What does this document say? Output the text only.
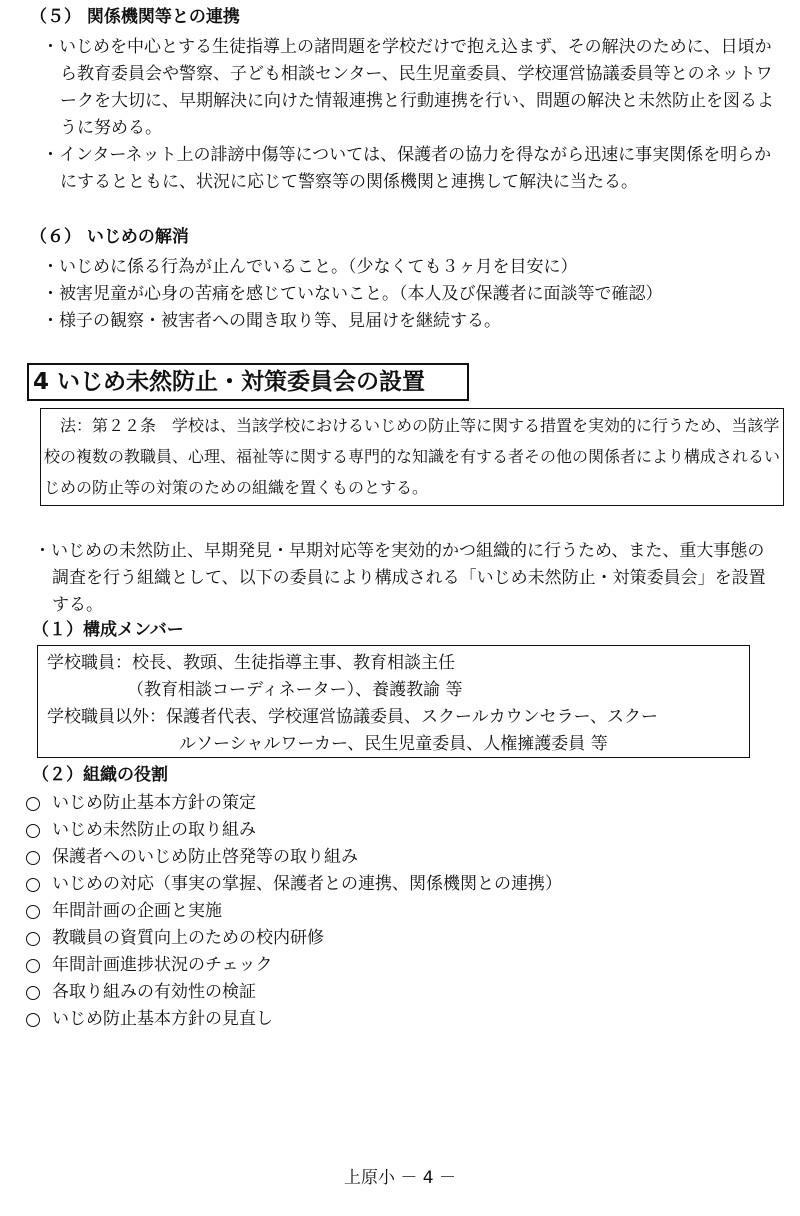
（５） 関係機関等との連携
・いじめを中心とする生徒指導上の諸問題を学校だけで抱え込まず、その解決のために、日頃から教育委員会や警察、子ども相談センター、民生児童委員、学校運営協議委員等とのネットワークを大切に、早期解決に向けた情報連携と行動連携を行い、問題の解決と未然防止を図るように努める。
・インターネット上の誹謗中傷等については、保護者の協力を得ながら迅速に事実関係を明らかにするとともに、状況に応じて警察等の関係機関と連携して解決に当たる。
（６） いじめの解消
・いじめに係る行為が止んでいること。（少なくても３ヶ月を目安に）
・被害児童が心身の苦痛を感じていないこと。（本人及び保護者に面談等で確認）
・様子の観察・被害者への聞き取り等、見届けを継続する。
4 いじめ未然防止・対策委員会の設置
　法：第２２条　学校は、当該学校におけるいじめの防止等に関する措置を実効的に行うため、当該学校の複数の教職員、心理、福祉等に関する専門的な知識を有する者その他の関係者により構成されるいじめの防止等の対策のための組織を置くものとする。
・いじめの未然防止、早期発見・早期対応等を実効的かつ組織的に行うため、また、重大事態の調査を行う組織として、以下の委員により構成される「いじめ未然防止・対策委員会」を設置する。
（１）構成メンバー
学校職員：校長、教頭、生徒指導主事、教育相談主任
（教育相談コーディネーター）、養護教諭 等
学校職員以外：保護者代表、学校運営協議委員、スクールカウンセラー、スクー
ルソーシャルワーカー、民生児童委員、人権擁護委員 等
（２）組織の役割
いじめ防止基本方針の策定
いじめ未然防止の取り組み
保護者へのいじめ防止啓発等の取り組み
いじめの対応（事実の掌握、保護者との連携、関係機関との連携）
年間計画の企画と実施
教職員の資質向上のための校内研修
年間計画進捗状況のチェック
各取り組みの有効性の検証
いじめ防止基本方針の見直し
上原小 － 4 －
